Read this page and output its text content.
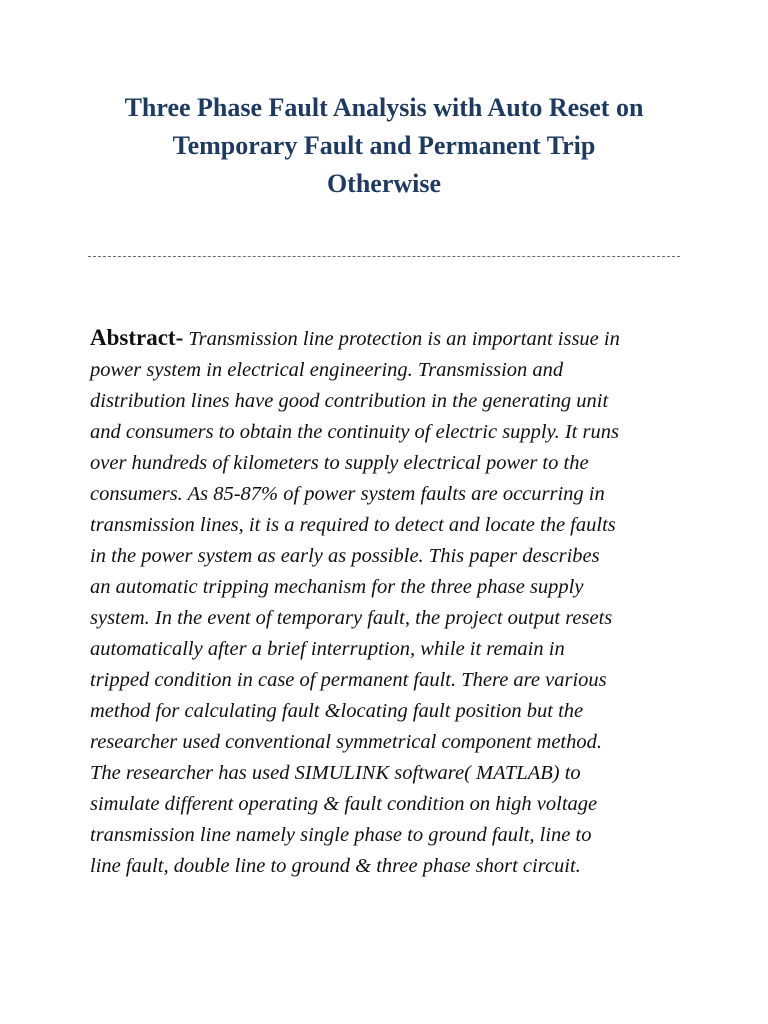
Three Phase Fault Analysis with Auto Reset on
Temporary Fault and Permanent Trip
Otherwise

Abstract- Transmission line protection is an important issue in
power system in electrical engineering. Transmission and
distribution lines have good contribution in the generating unit
and consumers to obtain the continuity of electric supply. It runs
over hundreds of kilometers to supply electrical power to the
consumers. As 85-87% of power system faults are occurring in
transmission lines, it is a required to detect and locate the faults
in the power system as early as possible. This paper describes
an automatic tripping mechanism for the three phase supply
system. In the event of temporary fault, the project output resets
automatically after a brief interruption, while it remain in
tripped condition in case of permanent fault. There are various
method for calculating fault &locating fault position but the
researcher used conventional symmetrical component method.
The researcher has used SIMULINK software( MATLAB) to
simulate different operating & fault condition on high voltage
transmission line namely single phase to ground fault, line to
line fault, double line to ground & three phase short circuit.
